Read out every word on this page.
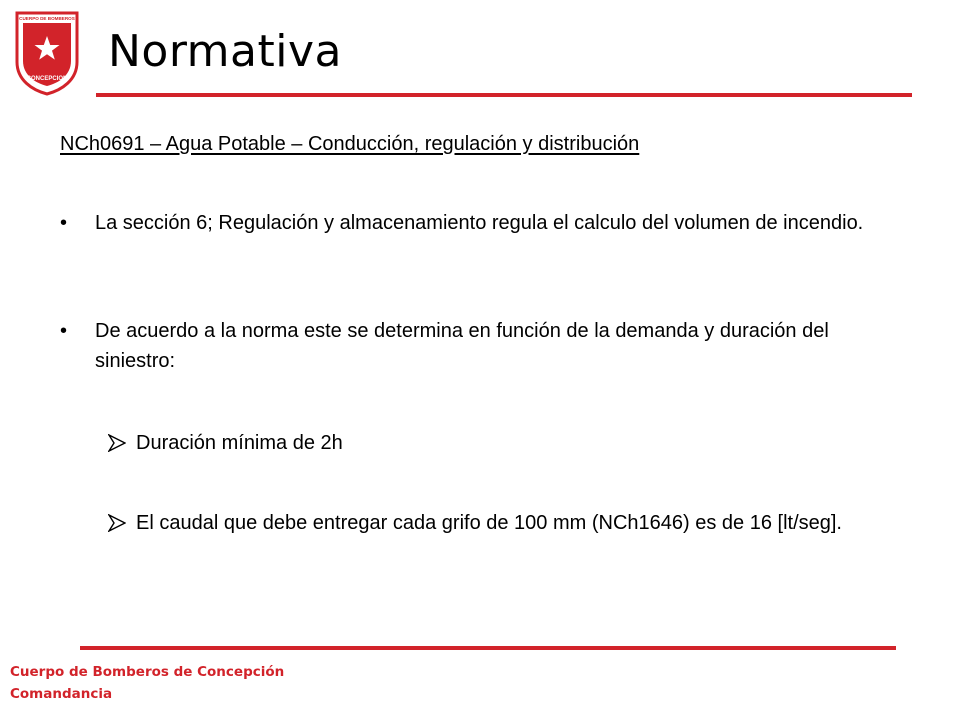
CUERPO DE BOMBEROS
CONCEPCION
Normativa
NCh0691 – Agua Potable – Conducción, regulación y distribución
• La sección 6; Regulación y almacenamiento regula el calculo del volumen de incendio.
• De acuerdo a la norma este se determina en función de la demanda y duración del siniestro:
Duración mínima de 2h
El caudal que debe entregar cada grifo de 100 mm (NCh1646) es de 16 [lt/seg].
Cuerpo de Bomberos de Concepción
Comandancia
